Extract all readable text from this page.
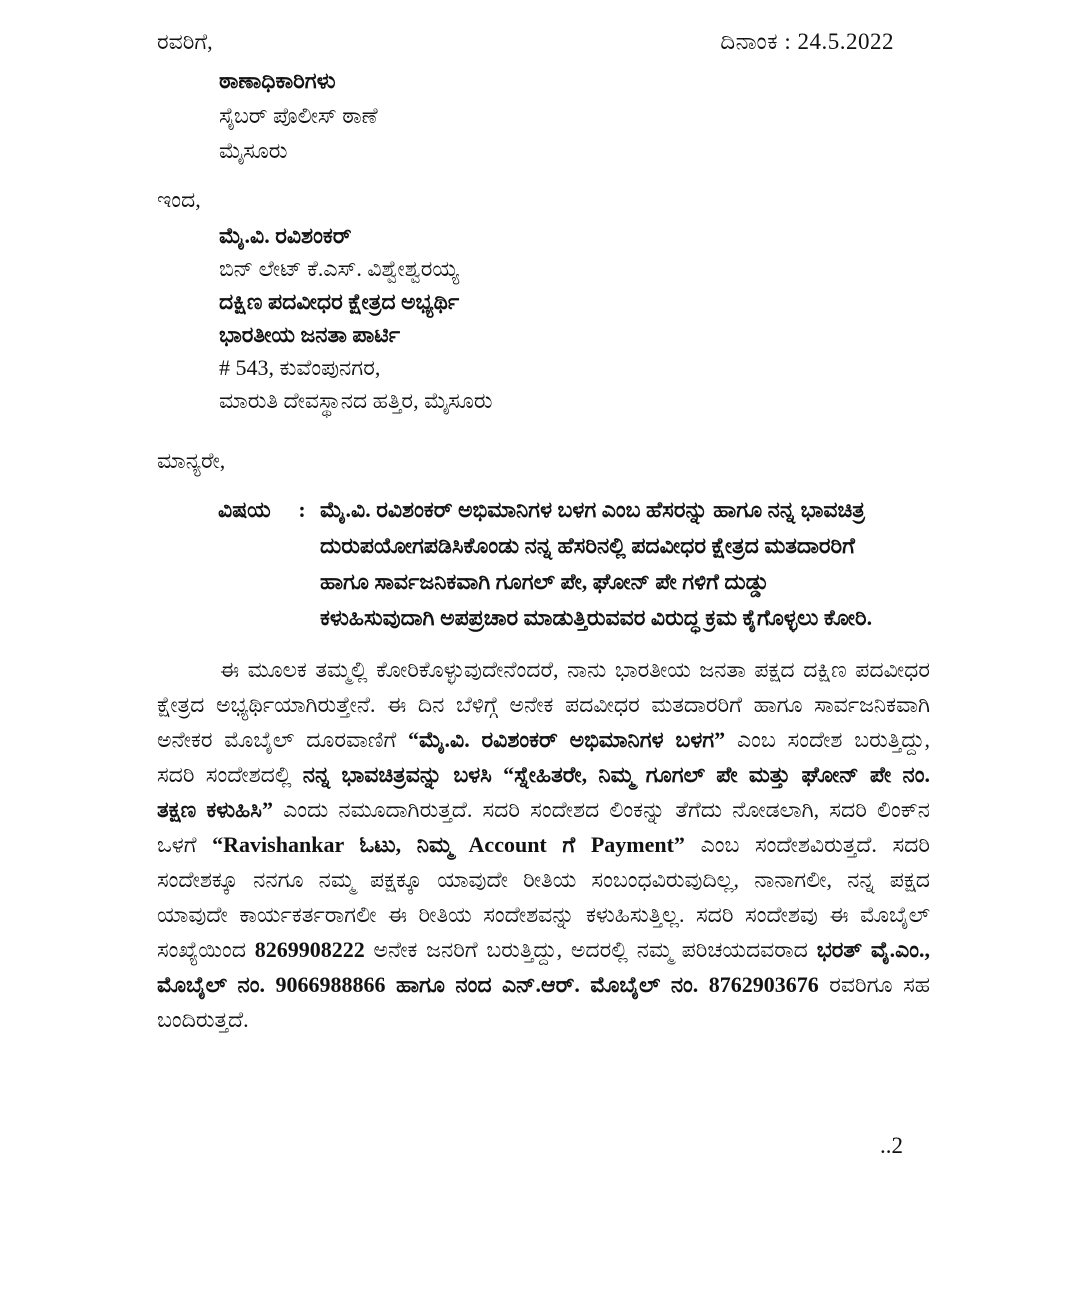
ರವರಿಗೆ,	ದಿನಾಂಕ : 24.5.2022
ಠಾಣಾಧಿಕಾರಿಗಳು
ಸೈಬರ್ ಪೊಲೀಸ್ ಠಾಣೆ
ಮೈಸೂರು
ಇಂದ,
ಮೈ.ವಿ. ರವಿಶಂಕರ್
ಬಿನ್ ಲೇಟ್ ಕೆ.ಎಸ್. ವಿಶ್ವೇಶ್ವರಯ್ಯ
ದಕ್ಷಿಣ ಪದವೀಧರ ಕ್ಷೇತ್ರದ ಅಭ್ಯರ್ಥಿ
ಭಾರತೀಯ ಜನತಾ ಪಾರ್ಟಿ
# 543, ಕುವೆಂಪುನಗರ,
ಮಾರುತಿ ದೇವಸ್ಥಾನದ ಹತ್ತಿರ, ಮೈಸೂರು
ಮಾನ್ಯರೇ,
ವಿಷಯ	: ಮೈ.ವಿ. ರವಿಶಂಕರ್ ಅಭಿಮಾನಿಗಳ ಬಳಗ ಎಂಬ ಹೆಸರನ್ನು ಹಾಗೂ ನನ್ನ ಭಾವಚಿತ್ರ
ದುರುಪಯೋಗಪಡಿಸಿಕೊಂಡು ನನ್ನ ಹೆಸರಿನಲ್ಲಿ ಪದವೀಧರ ಕ್ಷೇತ್ರದ ಮತದಾರರಿಗೆ
ಹಾಗೂ ಸಾರ್ವಜನಿಕವಾಗಿ ಗೂಗಲ್ ಪೇ, ಘೋನ್ ಪೇ ಗಳಿಗೆ ದುಡ್ಡು
ಕಳುಹಿಸುವುದಾಗಿ ಅಪಪ್ರಚಾರ ಮಾಡುತ್ತಿರುವವರ ವಿರುದ್ಧ ಕ್ರಮ ಕೈಗೊಳ್ಳಲು ಕೋರಿ.

ಈ ಮೂಲಕ ತಮ್ಮಲ್ಲಿ ಕೋರಿಕೊಳ್ಳುವುದೇನೆಂದರೆ, ನಾನು ಭಾರತೀಯ ಜನತಾ ಪಕ್ಷದ ದಕ್ಷಿಣ ಪದವೀಧರ ಕ್ಷೇತ್ರದ ಅಭ್ಯರ್ಥಿಯಾಗಿರುತ್ತೇನೆ. ಈ ದಿನ ಬೆಳಿಗ್ಗೆ ಅನೇಕ ಪದವೀಧರ ಮತದಾರರಿಗೆ ಹಾಗೂ ಸಾರ್ವಜನಿಕವಾಗಿ ಅನೇಕರ ಮೊಬೈಲ್ ದೂರವಾಣಿಗೆ “ಮೈ.ವಿ. ರವಿಶಂಕರ್ ಅಭಿಮಾನಿಗಳ ಬಳಗ” ಎಂಬ ಸಂದೇಶ ಬರುತ್ತಿದ್ದು, ಸದರಿ ಸಂದೇಶದಲ್ಲಿ ನನ್ನ ಭಾವಚಿತ್ರವನ್ನು ಬಳಸಿ “ಸ್ನೇಹಿತರೇ, ನಿಮ್ಮ ಗೂಗಲ್ ಪೇ ಮತ್ತು ಘೋನ್ ಪೇ ನಂ. ತಕ್ಷಣ ಕಳುಹಿಸಿ” ಎಂದು ನಮೂದಾಗಿರುತ್ತದೆ. ಸದರಿ ಸಂದೇಶದ ಲಿಂಕನ್ನು ತೆಗೆದು ನೋಡಲಾಗಿ, ಸದರಿ ಲಿಂಕ್‌ನ ಒಳಗೆ “Ravishankar ಓಟು, ನಿಮ್ಮ Account ಗೆ Payment” ಎಂಬ ಸಂದೇಶವಿರುತ್ತದೆ. ಸದರಿ ಸಂದೇಶಕ್ಕೂ ನನಗೂ ನಮ್ಮ ಪಕ್ಷಕ್ಕೂ ಯಾವುದೇ ರೀತಿಯ ಸಂಬಂಧವಿರುವುದಿಲ್ಲ, ನಾನಾಗಲೀ, ನನ್ನ ಪಕ್ಷದ ಯಾವುದೇ ಕಾರ್ಯಕರ್ತರಾಗಲೀ ಈ ರೀತಿಯ ಸಂದೇಶವನ್ನು ಕಳುಹಿಸುತ್ತಿಲ್ಲ. ಸದರಿ ಸಂದೇಶವು ಈ ಮೊಬೈಲ್ ಸಂಖ್ಯೆಯಿಂದ 8269908222 ಅನೇಕ ಜನರಿಗೆ ಬರುತ್ತಿದ್ದು, ಅದರಲ್ಲಿ ನಮ್ಮ ಪರಿಚಯದವರಾದ ಭರತ್ ವೈ.ಎಂ., ಮೊಬೈಲ್ ನಂ. 9066988866 ಹಾಗೂ ನಂದ ಎನ್.ಆರ್. ಮೊಬೈಲ್ ನಂ. 8762903676 ರವರಿಗೂ ಸಹ ಬಂದಿರುತ್ತದೆ.

..2
